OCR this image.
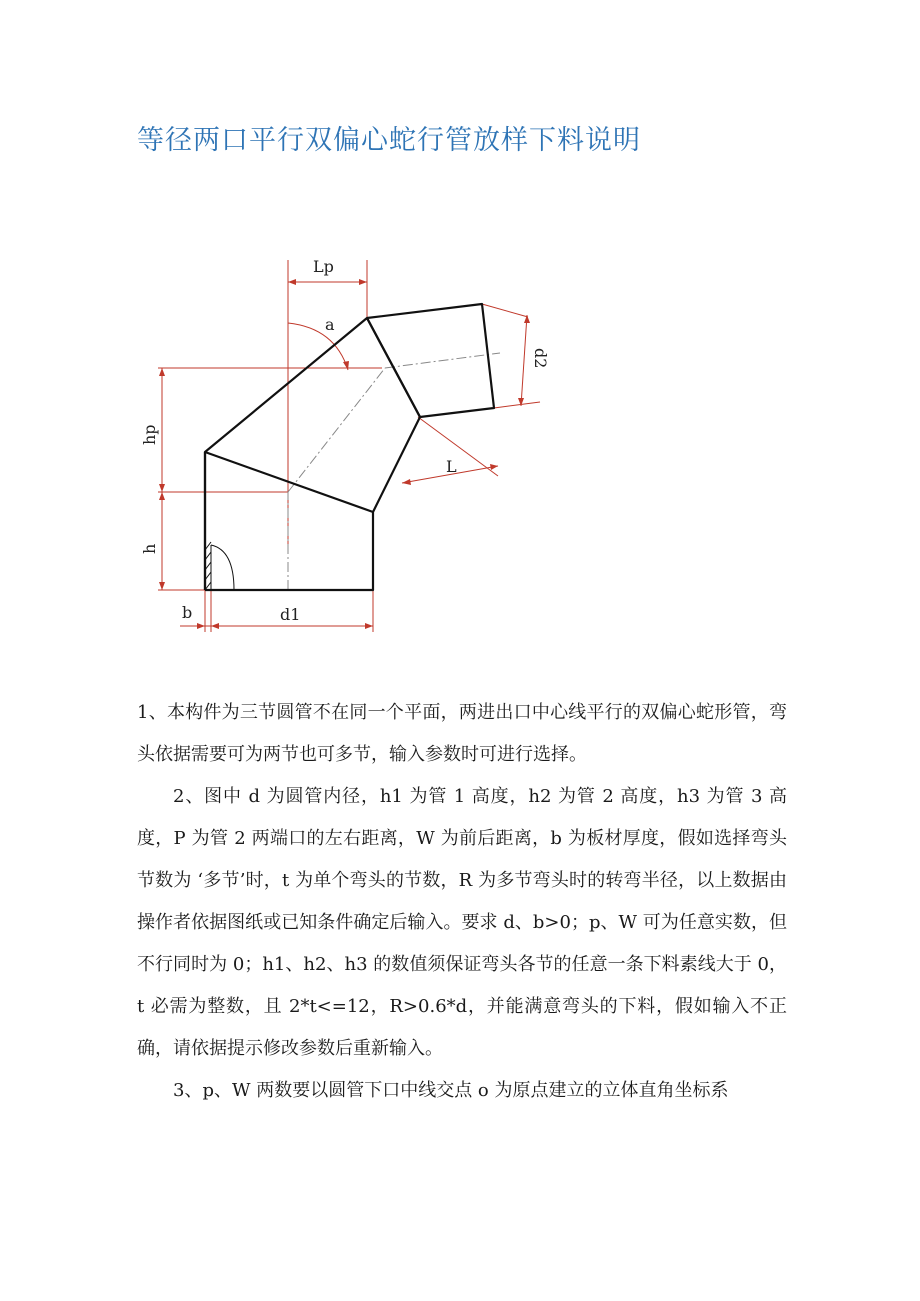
等径两口平行双偏心蛇行管放样下料说明
Lp
a
d2
hp
L
h
b	d1

1、本构件为三节圆管不在同一个平面，两进出口中心线平行的双偏心蛇形管，弯头依据需要可为两节也可多节，输入参数时可进行选择。

2、图中 d 为圆管内径，h1 为管 1 高度，h2 为管 2 高度，h3 为管 3 高度，P 为管 2 两端口的左右距离，W 为前后距离，b 为板材厚度，假如选择弯头节数为 ‘多节’时，t 为单个弯头的节数，R 为多节弯头时的转弯半径，以上数据由操作者依据图纸或已知条件确定后输入。要求 d、b>0；p、W 可为任意实数，但不行同时为 0；h1、h2、h3 的数值须保证弯头各节的任意一条下料素线大于 0，t 必需为整数，且 2*t<=12，R>0.6*d，并能满意弯头的下料，假如输入不正确，请依据提示修改参数后重新输入。

3、p、W 两数要以圆管下口中线交点 o 为原点建立的立体直角坐标系
